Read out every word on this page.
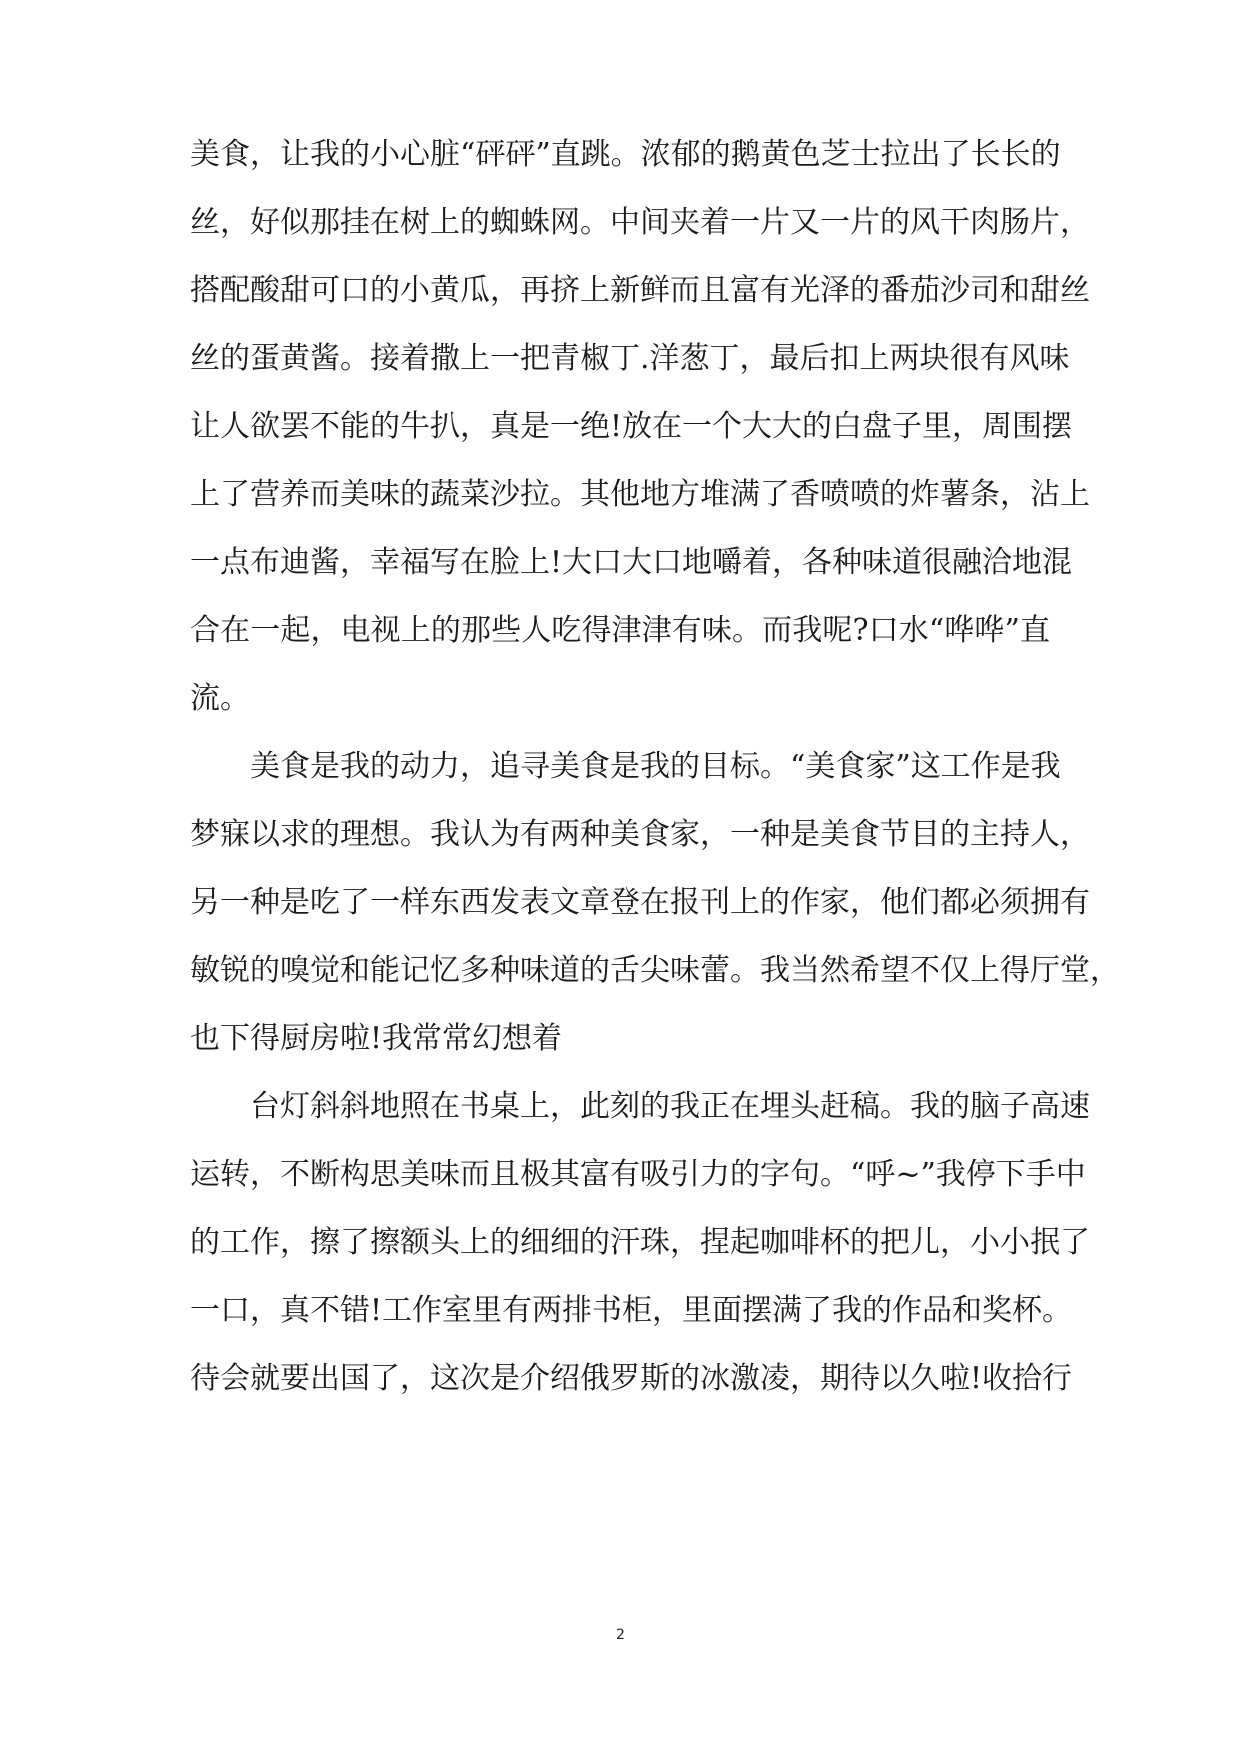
美食，让我的小心脏“砰砰”直跳。浓郁的鹅黄色芝士拉出了长长的
丝，好似那挂在树上的蜘蛛网。中间夹着一片又一片的风干肉肠片，
搭配酸甜可口的小黄瓜，再挤上新鲜而且富有光泽的番茄沙司和甜丝
丝的蛋黄酱。接着撒上一把青椒丁.洋葱丁，最后扣上两块很有风味
让人欲罢不能的牛扒，真是一绝!放在一个大大的白盘子里，周围摆
上了营养而美味的蔬菜沙拉。其他地方堆满了香喷喷的炸薯条，沾上
一点布迪酱，幸福写在脸上!大口大口地嚼着，各种味道很融洽地混
合在一起，电视上的那些人吃得津津有味。而我呢?口水“哗哗”直
流。
美食是我的动力，追寻美食是我的目标。“美食家”这工作是我
梦寐以求的理想。我认为有两种美食家，一种是美食节目的主持人，
另一种是吃了一样东西发表文章登在报刊上的作家，他们都必须拥有
敏锐的嗅觉和能记忆多种味道的舌尖味蕾。我当然希望不仅上得厅堂，
也下得厨房啦!我常常幻想着
台灯斜斜地照在书桌上，此刻的我正在埋头赶稿。我的脑子高速
运转，不断构思美味而且极其富有吸引力的字句。“呼~”我停下手中
的工作，擦了擦额头上的细细的汗珠，捏起咖啡杯的把儿，小小抿了
一口，真不错!工作室里有两排书柜，里面摆满了我的作品和奖杯。
待会就要出国了，这次是介绍俄罗斯的冰激凌，期待以久啦!收拾行
2
